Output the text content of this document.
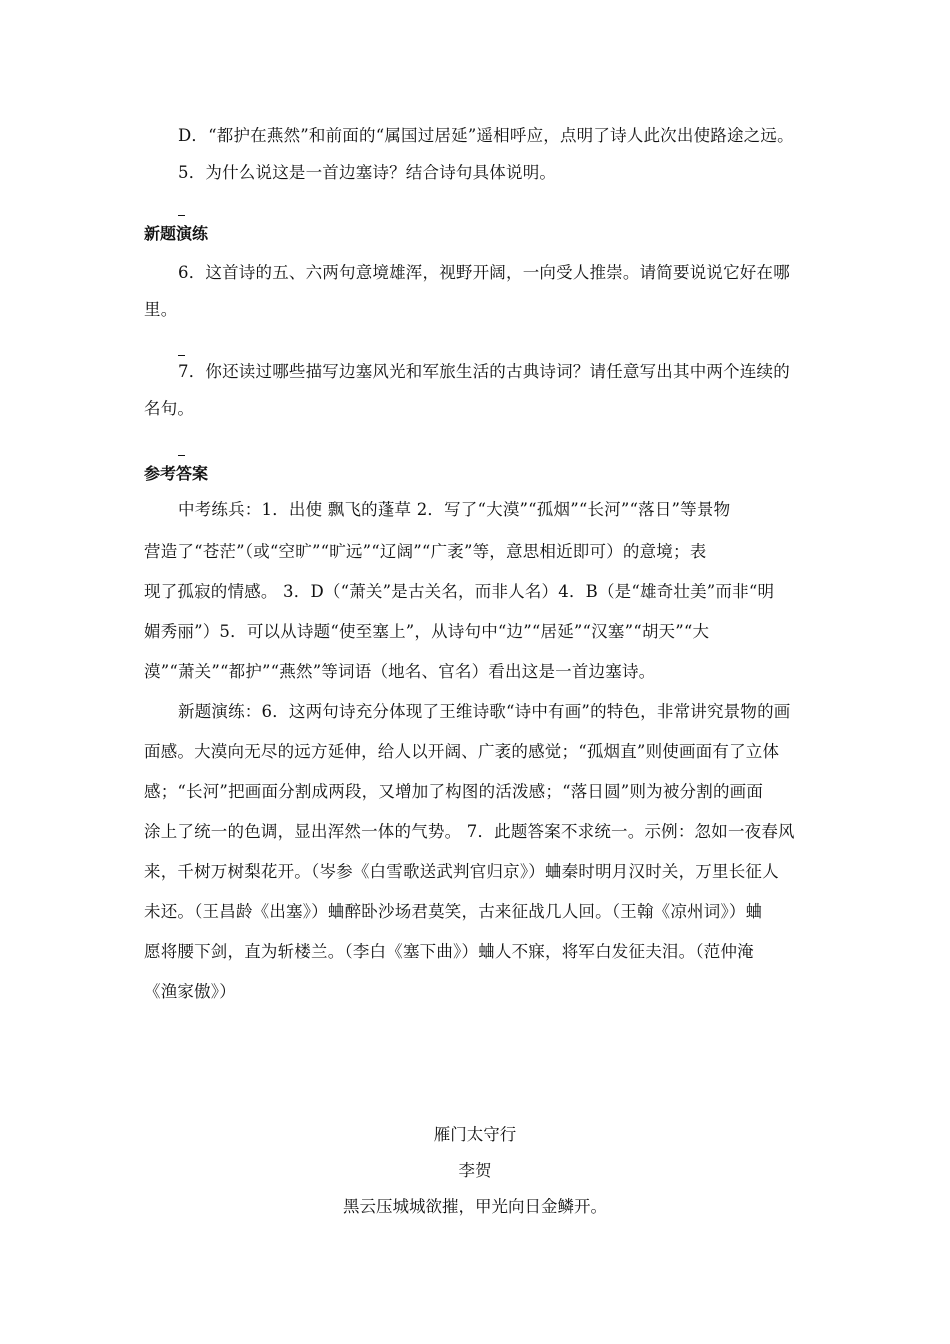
D．“都护在燕然”和前面的“属国过居延”遥相呼应，点明了诗人此次出使路途之远。
5．为什么说这是一首边塞诗？结合诗句具体说明。
新题演练
6．这首诗的五、六两句意境雄浑，视野开阔，一向受人推崇。请简要说说它好在哪
里。
7．你还读过哪些描写边塞风光和军旅生活的古典诗词？请任意写出其中两个连续的
名句。
参考答案
中考练兵：1．出使 飘飞的蓬草 2．写了“大漠”“孤烟”“长河”“落日”等景物
营造了“苍茫”（或“空旷”“旷远”“辽阔”“广袤”等，意思相近即可）的意境；表
现了孤寂的情感。 3．D（“萧关”是古关名，而非人名）4．B（是“雄奇壮美”而非“明
媚秀丽”）5．可以从诗题“使至塞上”，从诗句中“边”“居延”“汉塞”“胡天”“大
漠”“萧关”“都护”“燕然”等词语（地名、官名）看出这是一首边塞诗。
新题演练：6．这两句诗充分体现了王维诗歌“诗中有画”的特色，非常讲究景物的画
面感。大漠向无尽的远方延伸，给人以开阔、广袤的感觉；“孤烟直”则使画面有了立体
感；“长河”把画面分割成两段，又增加了构图的活泼感；“落日圆”则为被分割的画面
涂上了统一的色调，显出浑然一体的气势。 7．此题答案不求统一。示例：忽如一夜春风
来，千树万树梨花开。（岑参《白雪歌送武判官归京》）蛐秦时明月汉时关，万里长征人
未还。（王昌龄《出塞》）蛐醉卧沙场君莫笑，古来征战几人回。（王翰《凉州词》）蛐
愿将腰下剑，直为斩楼兰。（李白《塞下曲》）蛐人不寐，将军白发征夫泪。（范仲淹
《渔家傲》）
雁门太守行
李贺
黑云压城城欲摧，甲光向日金鳞开。
